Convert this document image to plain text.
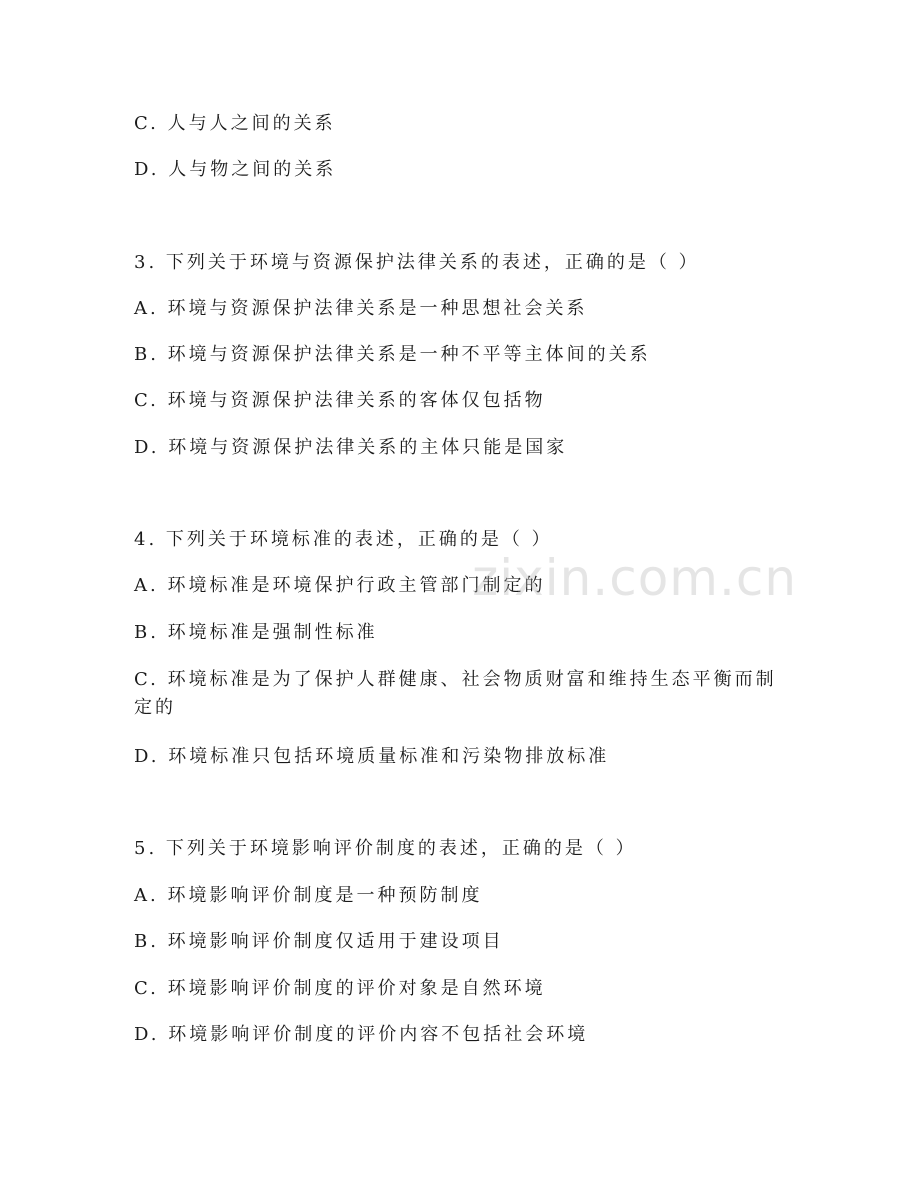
C. 人与人之间的关系
D. 人与物之间的关系
3. 下列关于环境与资源保护法律关系的表述，正确的是（ ）
A. 环境与资源保护法律关系是一种思想社会关系
B. 环境与资源保护法律关系是一种不平等主体间的关系
C. 环境与资源保护法律关系的客体仅包括物
D. 环境与资源保护法律关系的主体只能是国家
4. 下列关于环境标准的表述，正确的是（ ）
A. 环境标准是环境保护行政主管部门制定的
B. 环境标准是强制性标准
C. 环境标准是为了保护人群健康、社会物质财富和维持生态平衡而制定的
D. 环境标准只包括环境质量标准和污染物排放标准
5. 下列关于环境影响评价制度的表述，正确的是（ ）
A. 环境影响评价制度是一种预防制度
B. 环境影响评价制度仅适用于建设项目
C. 环境影响评价制度的评价对象是自然环境
D. 环境影响评价制度的评价内容不包括社会环境
zixin.com.cn
